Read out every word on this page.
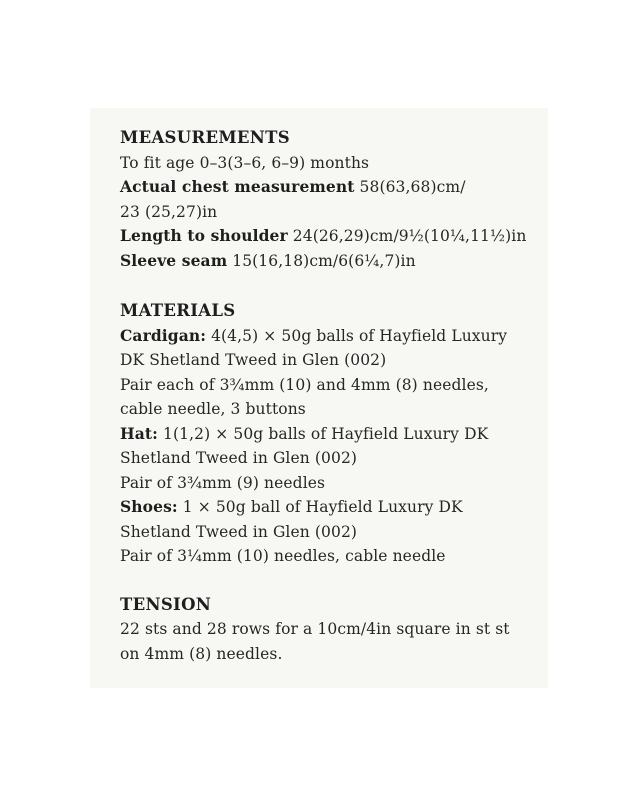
MEASUREMENTS
To fit age 0–3(3–6, 6–9) months
Actual chest measurement 58(63,68)cm/
23 (25,27)in
Length to shoulder 24(26,29)cm/9½(10¼,11½)in
Sleeve seam 15(16,18)cm/6(6¼,7)in
MATERIALS
Cardigan: 4(4,5) × 50g balls of Hayfield Luxury
DK Shetland Tweed in Glen (002)
Pair each of 3¾mm (10) and 4mm (8) needles,
cable needle, 3 buttons
Hat: 1(1,2) × 50g balls of Hayfield Luxury DK
Shetland Tweed in Glen (002)
Pair of 3¾mm (9) needles
Shoes: 1 × 50g ball of Hayfield Luxury DK
Shetland Tweed in Glen (002)
Pair of 3¼mm (10) needles, cable needle
TENSION
22 sts and 28 rows for a 10cm/4in square in st st
on 4mm (8) needles.
